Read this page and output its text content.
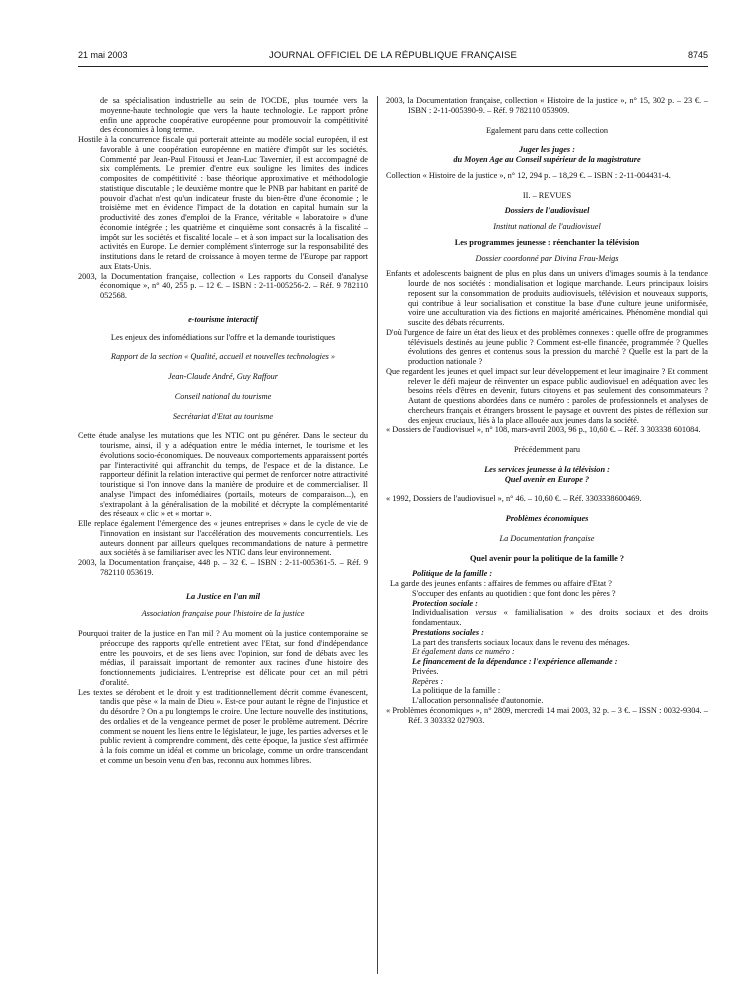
21 mai 2003	JOURNAL OFFICIEL DE LA RÉPUBLIQUE FRANÇAISE	8745

de sa spécialisation industrielle au sein de l'OCDE, plus tournée vers la moyenne-haute technologie que vers la haute technologie. Le rapport prône enfin une approche coopérative européenne pour promouvoir la compétitivité des économies à long terme.

Hostile à la concurrence fiscale qui porterait atteinte au modèle social européen, il est favorable à une coopération européenne en matière d'impôt sur les sociétés. Commenté par Jean-Paul Fitoussi et Jean-Luc Tavernier, il est accompagné de six compléments. Le premier d'entre eux souligne les limites des indices composites de compétitivité : base théorique approximative et méthodologie statistique discutable ; le deuxième montre que le PNB par habitant en parité de pouvoir d'achat n'est qu'un indicateur fruste du bien-être d'une économie ; le troisième met en évidence l'impact de la dotation en capital humain sur la productivité des zones d'emploi de la France, véritable « laboratoire » d'une économie intégrée ; les quatrième et cinquième sont consacrés à la fiscalité – impôt sur les sociétés et fiscalité locale – et à son impact sur la localisation des activités en Europe. Le dernier complément s'interroge sur la responsabilité des institutions dans le retard de croissance à moyen terme de l'Europe par rapport aux Etats-Unis.

2003, la Documentation française, collection « Les rapports du Conseil d'analyse économique », n° 40, 255 p. – 12 €. – ISBN : 2-11-005256-2. – Réf. 9 782110 052568.

e-tourisme interactif

Les enjeux des infomédiations sur l'offre et la demande touristiques

Rapport de la section « Qualité, accueil et nouvelles technologies »

Jean-Claude André, Guy Raffour

Conseil national du tourisme

Secrétariat d'Etat au tourisme

Cette étude analyse les mutations que les NTIC ont pu générer. Dans le secteur du tourisme, ainsi, il y a adéquation entre le média internet, le tourisme et les évolutions socio-économiques. De nouveaux comportements apparaissent portés par l'interactivité qui affranchit du temps, de l'espace et de la distance. Le rapporteur définit la relation interactive qui permet de renforcer notre attractivité touristique si l'on innove dans la manière de produire et de commercialiser. Il analyse l'impact des infomédiaires (portails, moteurs de comparaison...), en s'extrapolant à la généralisation de la mobilité et décrypte la complémentarité des réseaux « clic » et « mortar ».

Elle replace également l'émergence des « jeunes entreprises » dans le cycle de vie de l'innovation en insistant sur l'accélération des mouvements concurrentiels. Les auteurs donnent par ailleurs quelques recommandations de nature à permettre aux sociétés à se familiariser avec les NTIC dans leur environnement.

2003, la Documentation française, 448 p. – 32 €. – ISBN : 2-11-005361-5. – Réf. 9 782110 053619.

La Justice en l'an mil

Association française pour l'histoire de la justice

Pourquoi traiter de la justice en l'an mil ? Au moment où la justice contemporaine se préoccupe des rapports qu'elle entretient avec l'Etat, sur fond d'indépendance entre les pouvoirs, et de ses liens avec l'opinion, sur fond de débats avec les médias, il paraissait important de remonter aux racines d'une histoire des fonctionnements judiciaires. L'entreprise est délicate pour cet an mil pétri d'oralité.

Les textes se dérobent et le droit y est traditionnellement décrit comme évanescent, tandis que pèse « la main de Dieu ». Est-ce pour autant le règne de l'injustice et du désordre ? On a pu longtemps le croire. Une lecture nouvelle des institutions, des ordalies et de la vengeance permet de poser le problème autrement. Décrire comment se nouent les liens entre le législateur, le juge, les parties adverses et le public revient à comprendre comment, dès cette époque, la justice s'est affirmée à la fois comme un idéal et comme un bricolage, comme un ordre transcendant et comme un besoin venu d'en bas, reconnu aux hommes libres.

2003, la Documentation française, collection « Histoire de la justice », n° 15, 302 p. – 23 €. – ISBN : 2-11-005390-9. – Réf. 9 782110 053909.

Egalement paru dans cette collection

Juger les juges :

du Moyen Age au Conseil supérieur de la magistrature

Collection « Histoire de la justice », n° 12, 294 p. – 18,29 €. – ISBN : 2-11-004431-4.

II. – REVUES

Dossiers de l'audiovisuel

Institut national de l'audiovisuel

Les programmes jeunesse : réenchanter la télévision

Dossier coordonné par Divina Frau-Meigs

Enfants et adolescents baignent de plus en plus dans un univers d'images soumis à la tendance lourde de nos sociétés : mondialisation et logique marchande. Leurs principaux loisirs reposent sur la consommation de produits audiovisuels, télévision et nouveaux supports, qui contribue à leur socialisation et constitue la base d'une culture jeune uniformisée, voire une acculturation via des fictions en majorité américaines. Phénomène mondial qui suscite des débats récurrents.

D'où l'urgence de faire un état des lieux et des problèmes connexes : quelle offre de programmes télévisuels destinés au jeune public ? Comment est-elle financée, programmée ? Quelles évolutions des genres et contenus sous la pression du marché ? Quelle est la part de la production nationale ?

Que regardent les jeunes et quel impact sur leur développement et leur imaginaire ? Et comment relever le défi majeur de réinventer un espace public audiovisuel en adéquation avec les besoins réels d'êtres en devenir, futurs citoyens et pas seulement des consommateurs ? Autant de questions abordées dans ce numéro : paroles de professionnels et analyses de chercheurs français et étrangers brossent le paysage et ouvrent des pistes de réflexion sur des enjeux cruciaux, liés à la place allouée aux jeunes dans la société.

« Dossiers de l'audiovisuel », n° 108, mars-avril 2003, 96 p., 10,60 €. – Réf. 3 303338 601084.

Précédemment paru

Les services jeunesse à la télévision :

Quel avenir en Europe ?

« 1992, Dossiers de l'audiovisuel », n° 46. – 10,60 €. – Réf. 3303338600469.

Problèmes économiques

La Documentation française

Quel avenir pour la politique de la famille ?

Politique de la famille :

La garde des jeunes enfants : affaires de femmes ou affaire d'Etat ?

S'occuper des enfants au quotidien : que font donc les pères ?

Protection sociale :

Individualisation versus « familialisation » des droits sociaux et des droits fondamentaux.

Prestations sociales :

La part des transferts sociaux locaux dans le revenu des ménages.

Et également dans ce numéro :

Le financement de la dépendance : l'expérience allemande :

Privées.

Repères :

La politique de la famille :

L'allocation personnalisée d'autonomie.

« Problèmes économiques », n° 2809, mercredi 14 mai 2003, 32 p. – 3 €. – ISSN : 0032-9304. – Réf. 3 303332 027903.
